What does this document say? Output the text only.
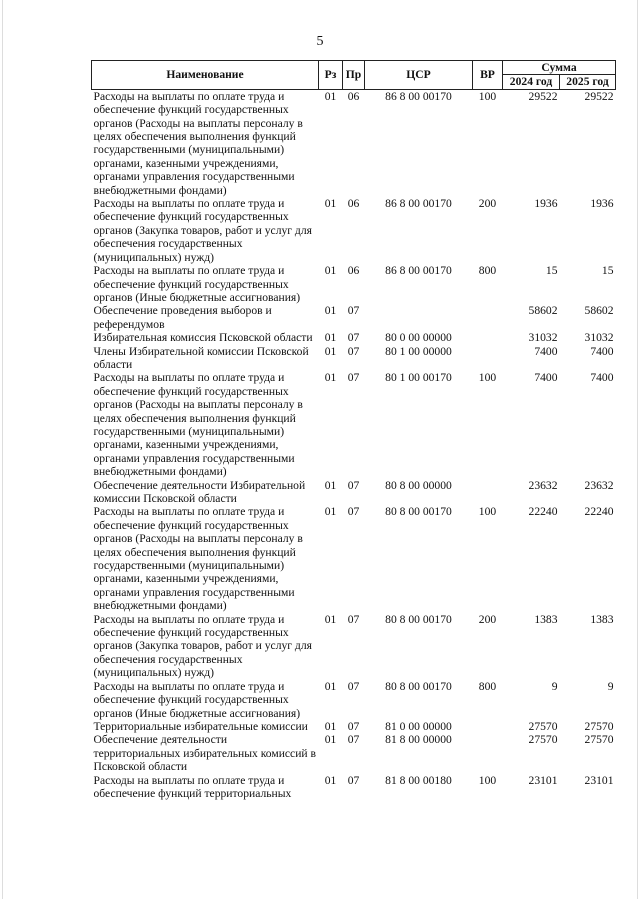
5
Наименование	Рз	Пр	ЦСР	ВР	Сумма	
					2024 год	2025 год
Расходы на выплаты по оплате труда и обеспечение функций государственных органов (Расходы на выплаты персоналу в целях обеспечения выполнения функций государственными (муниципальными) органами, казенными учреждениями, органами управления государственными внебюджетными фондами)	01	06	86 8 00 00170	100	29522	29522
Расходы на выплаты по оплате труда и обеспечение функций государственных органов (Закупка товаров, работ и услуг для обеспечения государственных (муниципальных) нужд)	01	06	86 8 00 00170	200	1936	1936
Расходы на выплаты по оплате труда и обеспечение функций государственных органов (Иные бюджетные ассигнования)	01	06	86 8 00 00170	800	15	15
Обеспечение проведения выборов и референдумов	01	07			58602	58602
Избирательная комиссия Псковской области	01	07	80 0 00 00000		31032	31032
Члены Избирательной комиссии Псковской области	01	07	80 1 00 00000		7400	7400
Расходы на выплаты по оплате труда и обеспечение функций государственных органов (Расходы на выплаты персоналу в целях обеспечения выполнения функций государственными (муниципальными) органами, казенными учреждениями, органами управления государственными внебюджетными фондами)	01	07	80 1 00 00170	100	7400	7400
Обеспечение деятельности Избирательной комиссии Псковской области	01	07	80 8 00 00000		23632	23632
Расходы на выплаты по оплате труда и обеспечение функций государственных органов (Расходы на выплаты персоналу в целях обеспечения выполнения функций государственными (муниципальными) органами, казенными учреждениями, органами управления государственными внебюджетными фондами)	01	07	80 8 00 00170	100	22240	22240
Расходы на выплаты по оплате труда и обеспечение функций государственных органов (Закупка товаров, работ и услуг для обеспечения государственных (муниципальных) нужд)	01	07	80 8 00 00170	200	1383	1383
Расходы на выплаты по оплате труда и обеспечение функций государственных органов (Иные бюджетные ассигнования)	01	07	80 8 00 00170	800	9	9
Территориальные избирательные комиссии	01	07	81 0 00 00000		27570	27570
Обеспечение деятельности территориальных избирательных комиссий в Псковской области	01	07	81 8 00 00000		27570	27570
Расходы на выплаты по оплате труда и обеспечение функций территориальных	01	07	81 8 00 00180	100	23101	23101
